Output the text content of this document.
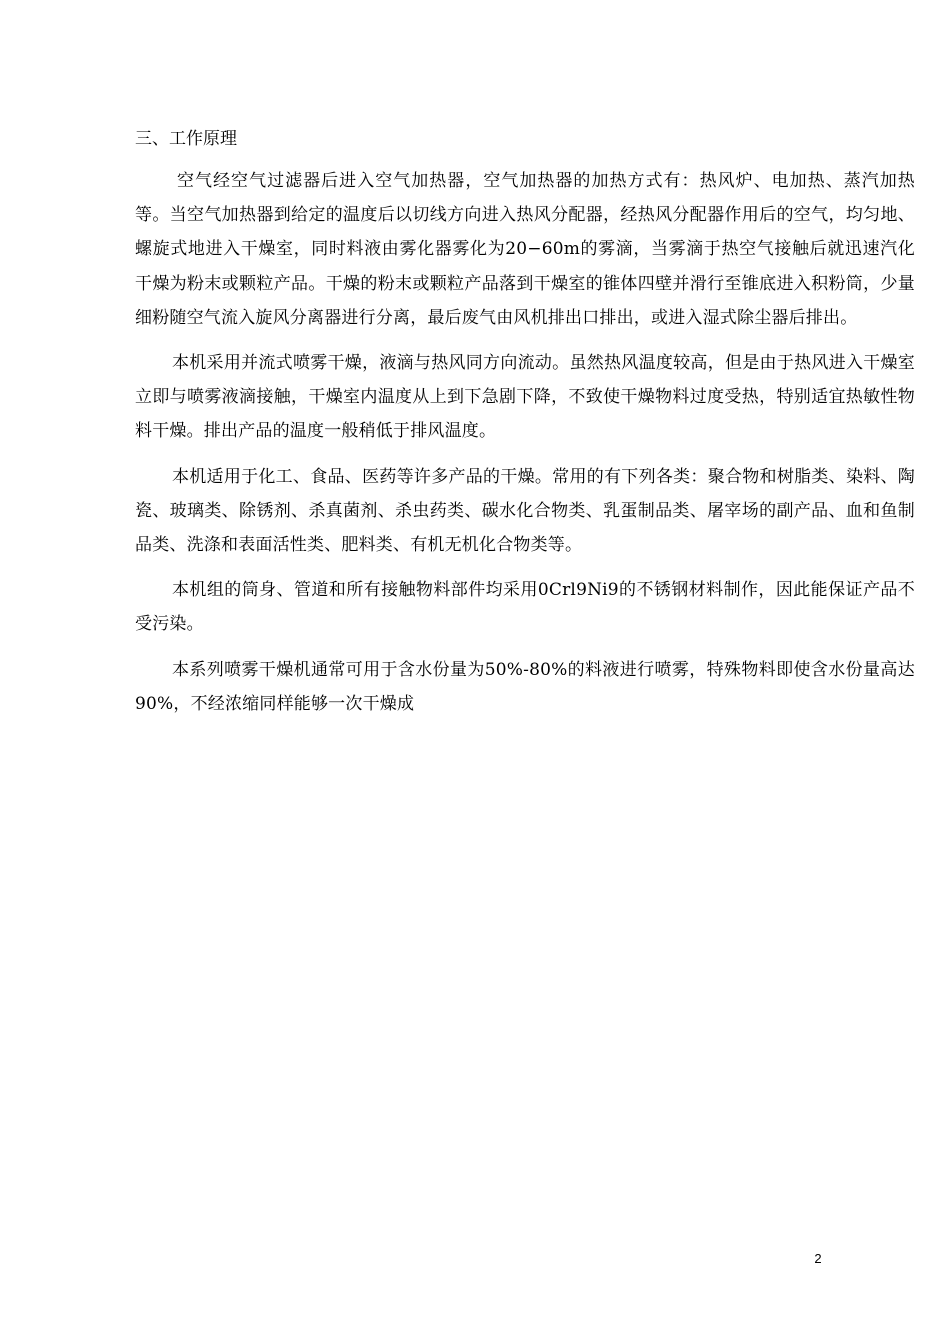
三、工作原理

空气经空气过滤器后进入空气加热器，空气加热器的加热方式有：热风炉、电加热、蒸汽加热等。当空气加热器到给定的温度后以切线方向进入热风分配器，经热风分配器作用后的空气，均匀地、螺旋式地进入干燥室，同时料液由雾化器雾化为20−60m的雾滴，当雾滴于热空气接触后就迅速汽化干燥为粉末或颗粒产品。干燥的粉末或颗粒产品落到干燥室的锥体四壁并滑行至锥底进入积粉筒，少量细粉随空气流入旋风分离器进行分离，最后废气由风机排出口排出，或进入湿式除尘器后排出。

本机采用并流式喷雾干燥，液滴与热风同方向流动。虽然热风温度较高，但是由于热风进入干燥室立即与喷雾液滴接触，干燥室内温度从上到下急剧下降，不致使干燥物料过度受热，特别适宜热敏性物料干燥。排出产品的温度一般稍低于排风温度。

本机适用于化工、食品、医药等许多产品的干燥。常用的有下列各类：聚合物和树脂类、染料、陶瓷、玻璃类、除锈剂、杀真菌剂、杀虫药类、碳水化合物类、乳蛋制品类、屠宰场的副产品、血和鱼制品类、洗涤和表面活性类、肥料类、有机无机化合物类等。

本机组的筒身、管道和所有接触物料部件均采用0Crl9Ni9的不锈钢材料制作，因此能保证产品不受污染。

本系列喷雾干燥机通常可用于含水份量为50%-80%的料液进行喷雾，特殊物料即使含水份量高达90%，不经浓缩同样能够一次干燥成

2
